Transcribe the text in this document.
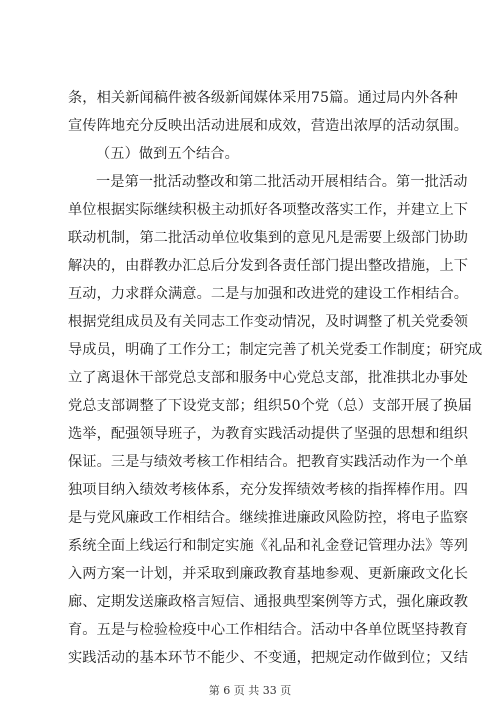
条，相关新闻稿件被各级新闻媒体采用75篇。通过局内外各种
宣传阵地充分反映出活动进展和成效，营造出浓厚的活动氛围。
（五）做到五个结合。
一是第一批活动整改和第二批活动开展相结合。第一批活动
单位根据实际继续积极主动抓好各项整改落实工作，并建立上下
联动机制，第二批活动单位收集到的意见凡是需要上级部门协助
解决的，由群教办汇总后分发到各责任部门提出整改措施，上下
互动，力求群众满意。二是与加强和改进党的建设工作相结合。
根据党组成员及有关同志工作变动情况，及时调整了机关党委领
导成员，明确了工作分工；制定完善了机关党委工作制度；研究成
立了离退休干部党总支部和服务中心党总支部，批准拱北办事处
党总支部调整了下设党支部；组织50个党（总）支部开展了换届
选举，配强领导班子，为教育实践活动提供了坚强的思想和组织
保证。三是与绩效考核工作相结合。把教育实践活动作为一个单
独项目纳入绩效考核体系，充分发挥绩效考核的指挥棒作用。四
是与党风廉政工作相结合。继续推进廉政风险防控，将电子监察
系统全面上线运行和制定实施《礼品和礼金登记管理办法》等列
入两方案一计划，并采取到廉政教育基地参观、更新廉政文化长
廊、定期发送廉政格言短信、通报典型案例等方式，强化廉政教
育。五是与检验检疫中心工作相结合。活动中各单位既坚持教育
实践活动的基本环节不能少、不变通，把规定动作做到位；又结
第 6 页 共 33 页
